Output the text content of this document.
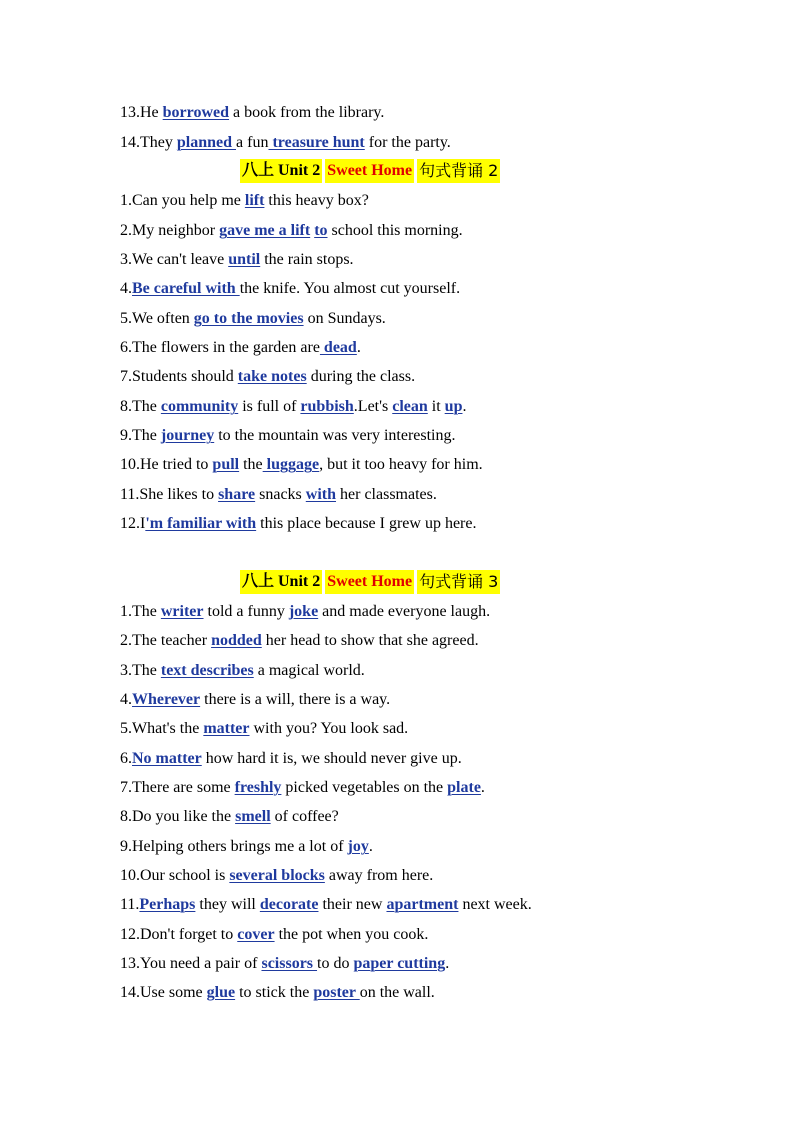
13.He borrowed a book from the library.
14.They planned a fun treasure hunt for the party.
八上 Unit 2 Sweet Home 句式背诵 2
1.Can you help me lift this heavy box?
2.My neighbor gave me a lift to school this morning.
3.We can't leave until the rain stops.
4.Be careful with the knife. You almost cut yourself.
5.We often go to the movies on Sundays.
6.The flowers in the garden are dead.
7.Students should take notes during the class.
8.The community is full of rubbish.Let's clean it up.
9.The journey to the mountain was very interesting.
10.He tried to pull the luggage, but it too heavy for him.
11.She likes to share snacks with her classmates.
12.I'm familiar with this place because I grew up here.
八上 Unit 2 Sweet Home 句式背诵 3
1.The writer told a funny joke and made everyone laugh.
2.The teacher nodded her head to show that she agreed.
3.The text describes a magical world.
4.Wherever there is a will, there is a way.
5.What's the matter with you? You look sad.
6.No matter how hard it is, we should never give up.
7.There are some freshly picked vegetables on the plate.
8.Do you like the smell of coffee?
9.Helping others brings me a lot of joy.
10.Our school is several blocks away from here.
11.Perhaps they will decorate their new apartment next week.
12.Don't forget to cover the pot when you cook.
13.You need a pair of scissors to do paper cutting.
14.Use some glue to stick the poster on the wall.
